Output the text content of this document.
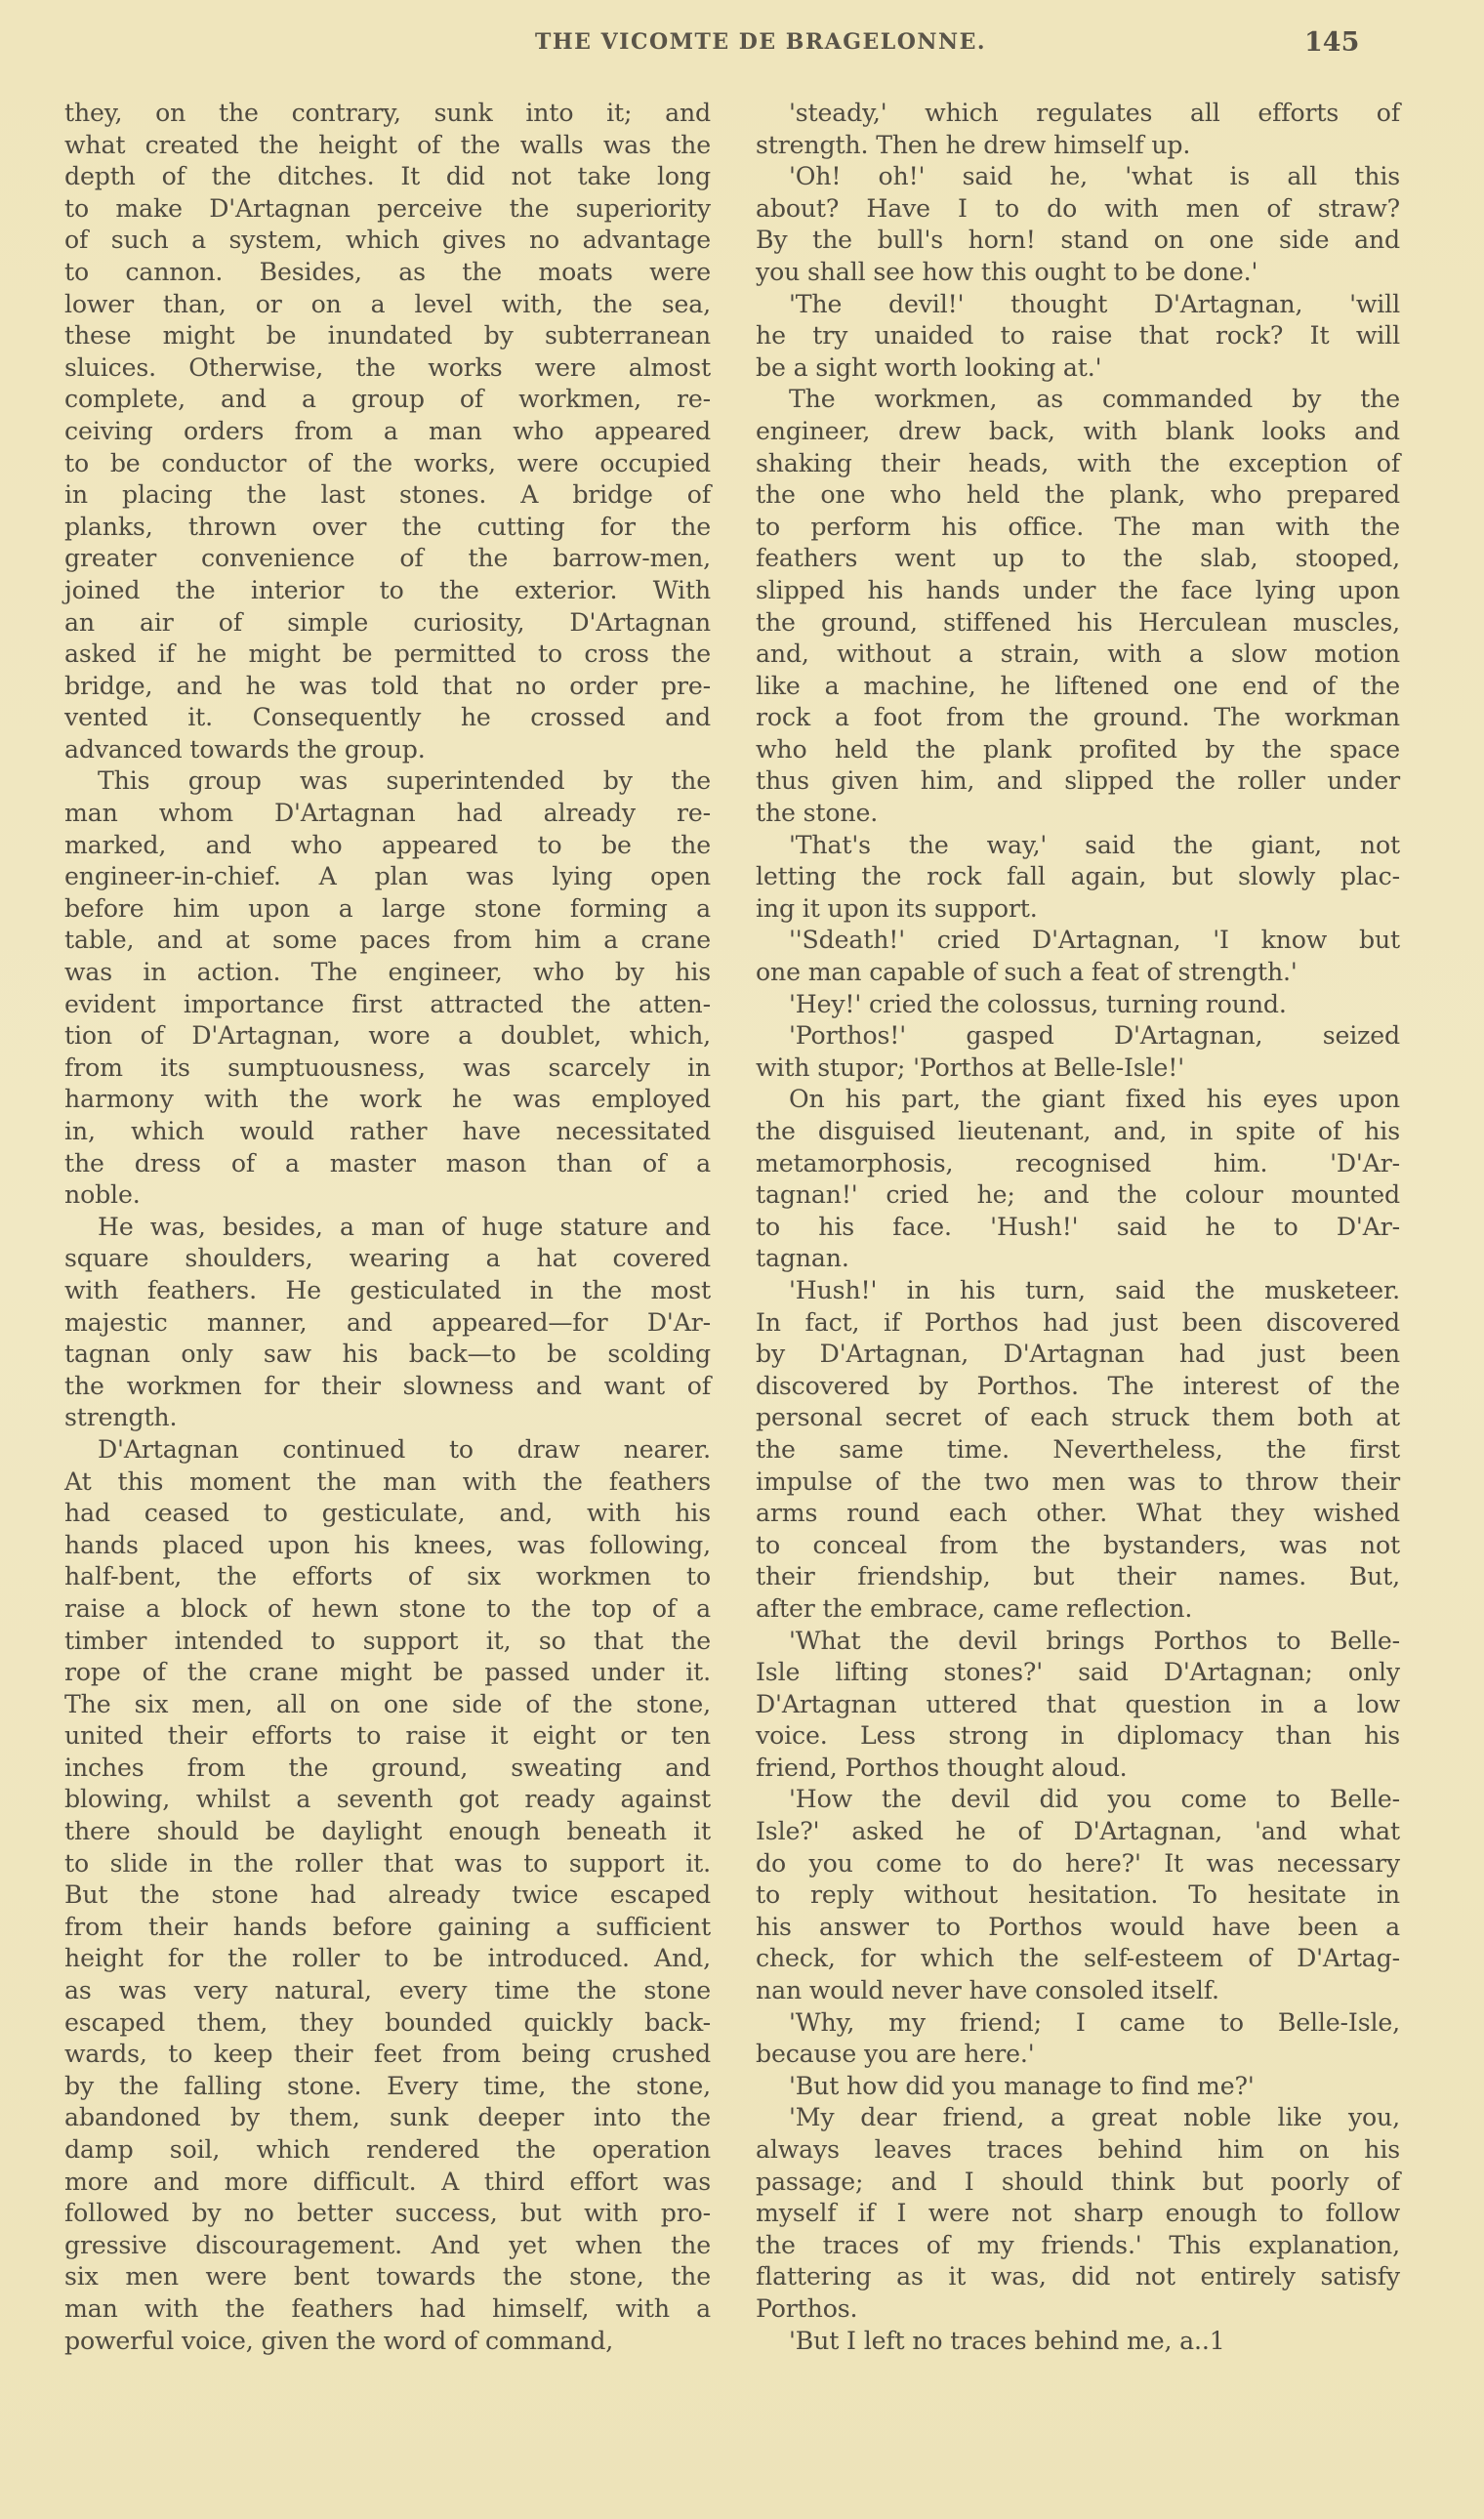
THE VICOMTE DE BRAGELONNE.	145

they, on the contrary, sunk into it; and

what created the height of the walls was the

depth of the ditches. It did not take long

to make D'Artagnan perceive the superiority

of such a system, which gives no advantage

to cannon. Besides, as the moats were

lower than, or on a level with, the sea,

these might be inundated by subterranean

sluices. Otherwise, the works were almost

complete, and a group of workmen, re-

ceiving orders from a man who appeared

to be conductor of the works, were occupied

in placing the last stones. A bridge of

planks, thrown over the cutting for the

greater convenience of the barrow-men,

joined the interior to the exterior. With

an air of simple curiosity, D'Artagnan

asked if he might be permitted to cross the

bridge, and he was told that no order pre-

vented it. Consequently he crossed and

advanced towards the group.

This group was superintended by the

man whom D'Artagnan had already re-

marked, and who appeared to be the

engineer-in-chief. A plan was lying open

before him upon a large stone forming a

table, and at some paces from him a crane

was in action. The engineer, who by his

evident importance first attracted the atten-

tion of D'Artagnan, wore a doublet, which,

from its sumptuousness, was scarcely in

harmony with the work he was employed

in, which would rather have necessitated

the dress of a master mason than of a

noble.

He was, besides, a man of huge stature and

square shoulders, wearing a hat covered

with feathers. He gesticulated in the most

majestic manner, and appeared—for D'Ar-

tagnan only saw his back—to be scolding

the workmen for their slowness and want of

strength.

D'Artagnan continued to draw nearer.

At this moment the man with the feathers

had ceased to gesticulate, and, with his

hands placed upon his knees, was following,

half-bent, the efforts of six workmen to

raise a block of hewn stone to the top of a

timber intended to support it, so that the

rope of the crane might be passed under it.

The six men, all on one side of the stone,

united their efforts to raise it eight or ten

inches from the ground, sweating and

blowing, whilst a seventh got ready against

there should be daylight enough beneath it

to slide in the roller that was to support it.

But the stone had already twice escaped

from their hands before gaining a sufficient

height for the roller to be introduced. And,

as was very natural, every time the stone

escaped them, they bounded quickly back-

wards, to keep their feet from being crushed

by the falling stone. Every time, the stone,

abandoned by them, sunk deeper into the

damp soil, which rendered the operation

more and more difficult. A third effort was

followed by no better success, but with pro-

gressive discouragement. And yet when the

six men were bent towards the stone, the

man with the feathers had himself, with a

powerful voice, given the word of command,

'steady,' which regulates all efforts of

strength. Then he drew himself up.

'Oh! oh!' said he, 'what is all this

about? Have I to do with men of straw?

By the bull's horn! stand on one side and

you shall see how this ought to be done.'

'The devil!' thought D'Artagnan, 'will

he try unaided to raise that rock? It will

be a sight worth looking at.'

The workmen, as commanded by the

engineer, drew back, with blank looks and

shaking their heads, with the exception of

the one who held the plank, who prepared

to perform his office. The man with the

feathers went up to the slab, stooped,

slipped his hands under the face lying upon

the ground, stiffened his Herculean muscles,

and, without a strain, with a slow motion

like a machine, he liftened one end of the

rock a foot from the ground. The workman

who held the plank profited by the space

thus given him, and slipped the roller under

the stone.

'That's the way,' said the giant, not

letting the rock fall again, but slowly plac-

ing it upon its support.

''Sdeath!' cried D'Artagnan, 'I know but

one man capable of such a feat of strength.'

'Hey!' cried the colossus, turning round.

'Porthos!' gasped D'Artagnan, seized

with stupor; 'Porthos at Belle-Isle!'

On his part, the giant fixed his eyes upon

the disguised lieutenant, and, in spite of his

metamorphosis, recognised him. 'D'Ar-

tagnan!' cried he; and the colour mounted

to his face. 'Hush!' said he to D'Ar-

tagnan.

'Hush!' in his turn, said the musketeer.

In fact, if Porthos had just been discovered

by D'Artagnan, D'Artagnan had just been

discovered by Porthos. The interest of the

personal secret of each struck them both at

the same time. Nevertheless, the first

impulse of the two men was to throw their

arms round each other. What they wished

to conceal from the bystanders, was not

their friendship, but their names. But,

after the embrace, came reflection.

'What the devil brings Porthos to Belle-

Isle lifting stones?' said D'Artagnan; only

D'Artagnan uttered that question in a low

voice. Less strong in diplomacy than his

friend, Porthos thought aloud.

'How the devil did you come to Belle-

Isle?' asked he of D'Artagnan, 'and what

do you come to do here?' It was necessary

to reply without hesitation. To hesitate in

his answer to Porthos would have been a

check, for which the self-esteem of D'Artag-

nan would never have consoled itself.

'Why, my friend; I came to Belle-Isle,

because you are here.'

'But how did you manage to find me?'

'My dear friend, a great noble like you,

always leaves traces behind him on his

passage; and I should think but poorly of

myself if I were not sharp enough to follow

the traces of my friends.' This explanation,

flattering as it was, did not entirely satisfy

Porthos.

'But I left no traces behind me, a..1
